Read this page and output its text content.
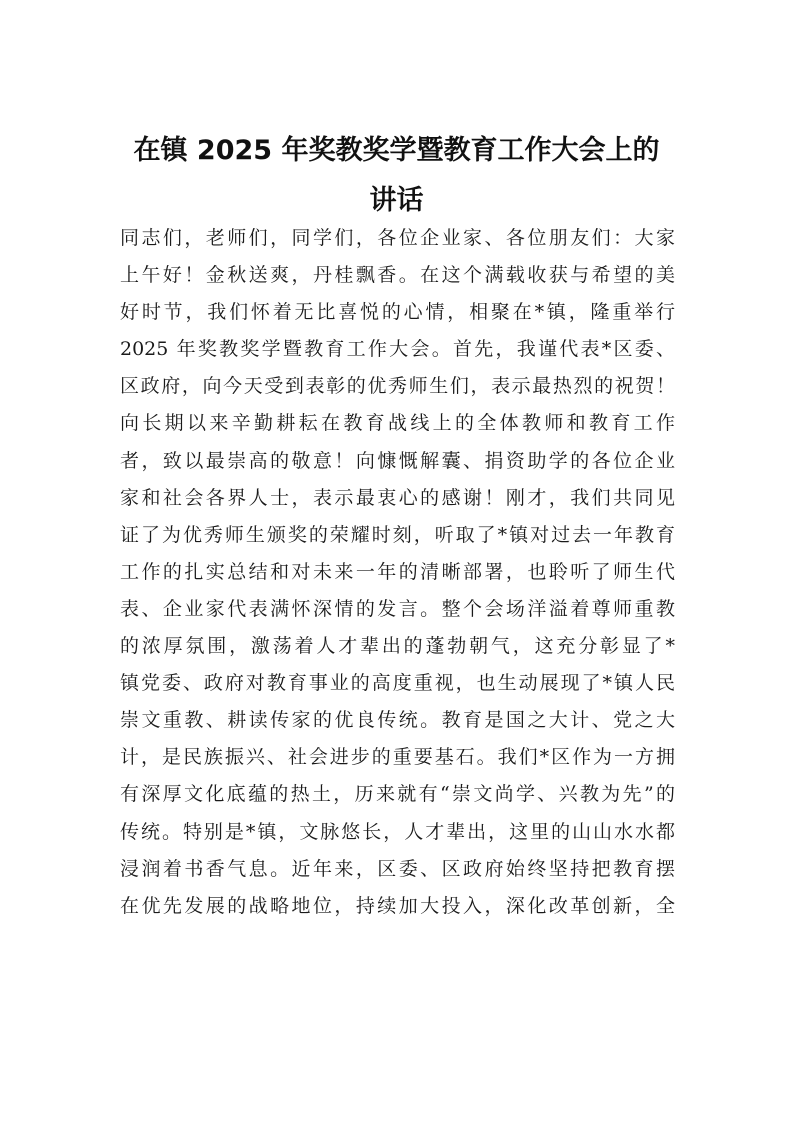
在镇 2025 年奖教奖学暨教育工作大会上的
讲话
同志们，老师们，同学们，各位企业家、各位朋友们：大家
上午好！金秋送爽，丹桂飘香。在这个满载收获与希望的美
好时节，我们怀着无比喜悦的心情，相聚在*镇，隆重举行
2025 年奖教奖学暨教育工作大会。首先，我谨代表*区委、
区政府，向今天受到表彰的优秀师生们，表示最热烈的祝贺！
向长期以来辛勤耕耘在教育战线上的全体教师和教育工作
者，致以最崇高的敬意！向慷慨解囊、捐资助学的各位企业
家和社会各界人士，表示最衷心的感谢！刚才，我们共同见
证了为优秀师生颁奖的荣耀时刻，听取了*镇对过去一年教育
工作的扎实总结和对未来一年的清晰部署，也聆听了师生代
表、企业家代表满怀深情的发言。整个会场洋溢着尊师重教
的浓厚氛围，激荡着人才辈出的蓬勃朝气，这充分彰显了*
镇党委、政府对教育事业的高度重视，也生动展现了*镇人民
崇文重教、耕读传家的优良传统。教育是国之大计、党之大
计，是民族振兴、社会进步的重要基石。我们*区作为一方拥
有深厚文化底蕴的热土，历来就有“崇文尚学、兴教为先”的
传统。特别是*镇，文脉悠长，人才辈出，这里的山山水水都
浸润着书香气息。近年来，区委、区政府始终坚持把教育摆
在优先发展的战略地位，持续加大投入，深化改革创新，全
